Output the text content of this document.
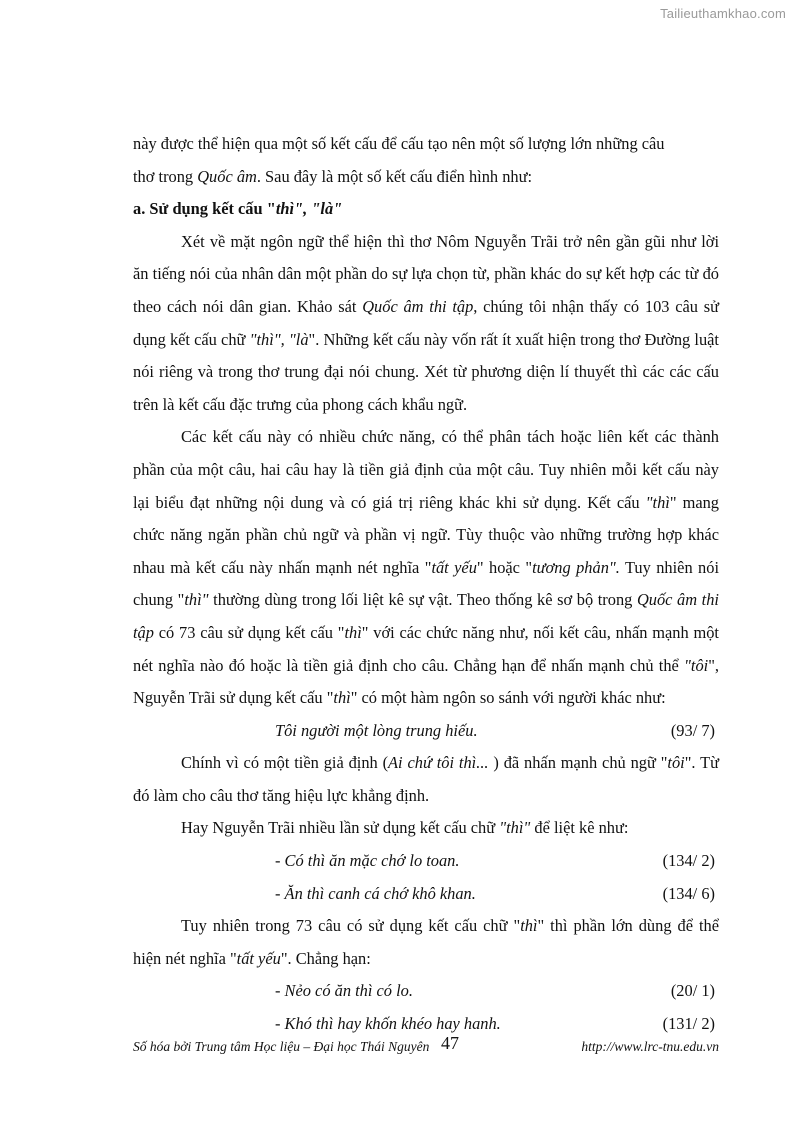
Tailieuthamkhao.com

này được thể hiện qua một số kết cấu để cấu tạo nên một số lượng lớn những câu
thơ trong Quốc âm. Sau đây là một số kết cấu điển hình như:

a. Sử dụng kết cấu "thì", "là"

Xét về mặt ngôn ngữ thể hiện thì thơ Nôm Nguyễn Trãi trở nên gần gũi như lời ăn tiếng nói của nhân dân một phần do sự lựa chọn từ, phần khác do sự kết hợp các từ đó theo cách nói dân gian. Khảo sát Quốc âm thi tập, chúng tôi nhận thấy có 103 câu sử dụng kết cấu chữ "thì", "là". Những kết cấu này vốn rất ít xuất hiện trong thơ Đường luật nói riêng và trong thơ trung đại nói chung. Xét từ phương diện lí thuyết thì các các cấu trên là kết cấu đặc trưng của phong cách khẩu ngữ.

Các kết cấu này có nhiều chức năng, có thể phân tách hoặc liên kết các thành phần của một câu, hai câu hay là tiền giả định của một câu. Tuy nhiên mỗi kết cấu này lại biểu đạt những nội dung và có giá trị riêng khác khi sử dụng. Kết cấu "thì" mang chức năng ngăn phần chủ ngữ và phần vị ngữ. Tùy thuộc vào những trường hợp khác nhau mà kết cấu này nhấn mạnh nét nghĩa "tất yếu" hoặc "tương phản". Tuy nhiên nói chung "thì" thường dùng trong lối liệt kê sự vật. Theo thống kê sơ bộ trong Quốc âm thi tập có 73 câu sử dụng kết cấu "thì" với các chức năng như, nối kết câu, nhấn mạnh một nét nghĩa nào đó hoặc là tiền giả định cho câu. Chẳng hạn để nhấn mạnh chủ thể "tôi", Nguyễn Trãi sử dụng kết cấu "thì" có một hàm ngôn so sánh với người khác như:

Tôi người một lòng trung hiếu.	(93/ 7)

Chính vì có một tiền giả định (Ai chứ tôi thì... ) đã nhấn mạnh chủ ngữ "tôi". Từ đó làm cho câu thơ tăng hiệu lực khẳng định.

Hay Nguyễn Trãi nhiều lần sử dụng kết cấu chữ "thì" để liệt kê như:

- Có thì ăn mặc chớ lo toan.	(134/ 2)
- Ăn thì canh cá chớ khô khan.	(134/ 6)

Tuy nhiên trong 73 câu có sử dụng kết cấu chữ "thì" thì phần lớn dùng để thể hiện nét nghĩa "tất yếu". Chẳng hạn:

- Nẻo có ăn thì có lo.	(20/ 1)
- Khó thì hay khốn khéo hay hanh.	(131/ 2)
Số hóa bởi Trung tâm Học liệu – Đại học Thái Nguyên 47	http://www.lrc-tnu.edu.vn
